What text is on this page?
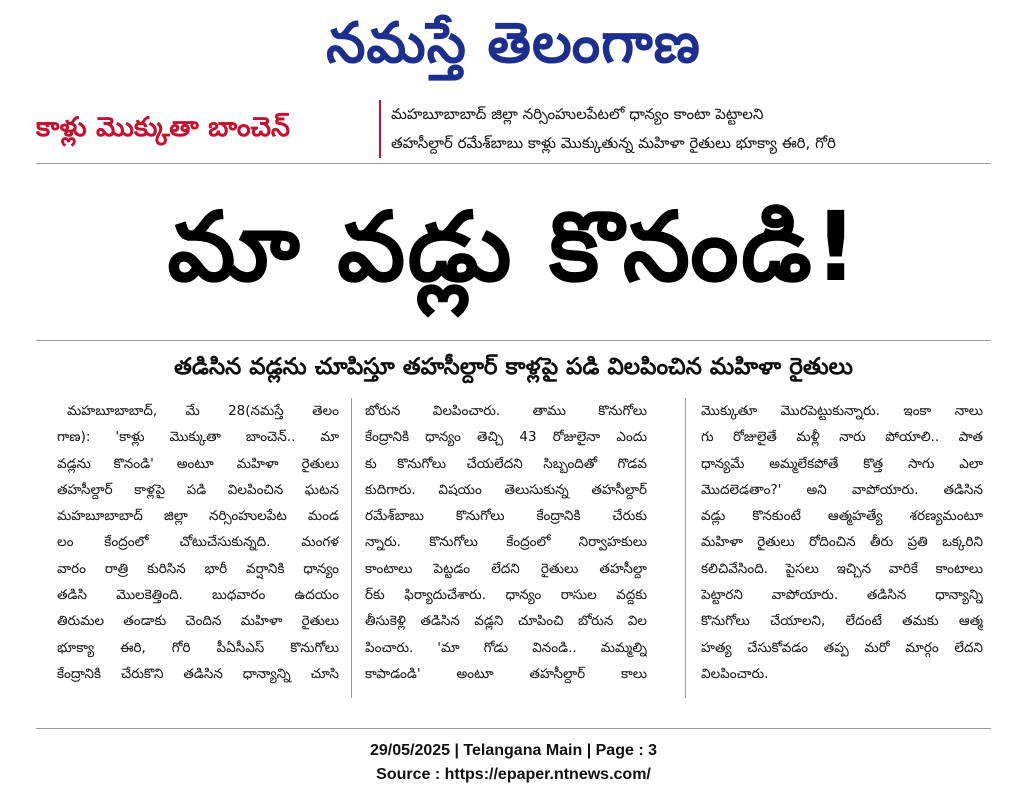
నమస్తే తెలంగాణ
కాళ్లు మొక్కుతా బాంచెన్	మహబూబాబాద్ జిల్లా నర్సింహులపేటలో ధాన్యం కాంటా పెట్టాలని
తహసీల్దార్ రమేశ్‌బాబు కాళ్లు మొక్కుతున్న మహిళా రైతులు భూక్యా ఈరి, గోరి
మా వడ్లు కొనండి!
తడిసిన వడ్లను చూపిస్తూ తహసీల్దార్ కాళ్లపై పడి విలపించిన మహిళా రైతులు
మహబూబాబాద్, మే 28(నమస్తే తెలం
గాణ): 'కాళ్లు మొక్కుతా బాంచెన్.. మా
వడ్లను కొనండి' అంటూ మహిళా రైతులు
తహసీల్దార్ కాళ్లపై పడి విలపించిన ఘటన
మహబూబాబాద్ జిల్లా నర్సింహులపేట మండ
లం కేంద్రంలో చోటుచేసుకున్నది. మంగళ
వారం రాత్రి కురిసిన భారీ వర్షానికి ధాన్యం
తడిసి మొలకెత్తింది. బుధవారం ఉదయం
తిరుమల తండాకు చెందిన మహిళా రైతులు
భూక్యా ఈరి, గోరి పీఏసీఎస్ కొనుగోలు
కేంద్రానికి చేరుకొని తడిసిన ధాన్యాన్ని చూసి
బోరున విలపించారు. తాము కొనుగోలు
కేంద్రానికి ధాన్యం తెచ్చి 43 రోజులైనా ఎందు
కు కొనుగోలు చేయలేదని సిబ్బందితో గొడవ
కుదిగారు. విషయం తెలుసుకున్న తహసీల్దార్
రమేశ్‌బాబు కొనుగోలు కేంద్రానికి చేరుకు
న్నారు. కొనుగోలు కేంద్రంలో నిర్వాహకులు
కాంటాలు పెట్టడం లేదని రైతులు తహసీల్దా
ర్‌కు ఫిర్యాదుచేశారు. ధాన్యం రాసుల వద్దకు
తీసుకెళ్లి తడిసిన వడ్లని చూపించి బోరున విల
పించారు. 'మా గోడు వినండి.. మమ్మల్ని
కాపాడండి' అంటూ తహసీల్దార్ కాలు
మొక్కుతూ మొరపెట్టుకున్నారు. ఇంకా నాలు
గు రోజులైతే మళ్లీ నారు పోయాలి.. పాత
ధాన్యమే అమ్మలేకపోతే కొత్త సాగు ఎలా
మొదలెడతాం?' అని వాపోయారు. తడిసిన
వడ్లు కొనకుంటే ఆత్మహత్యే శరణ్యమంటూ
మహిళా రైతులు రోదించిన తీరు ప్రతి ఒక్కరిని
కలిచివేసింది. పైసలు ఇచ్చిన వారికే కాంటాలు
పెట్టారని వాపోయారు. తడిసిన ధాన్యాన్ని
కొనుగోలు చేయాలని, లేదంటే తమకు ఆత్మ
హత్య చేసుకోవడం తప్ప మరో మార్గం లేదని
విలపించారు.
29/05/2025 | Telangana Main | Page : 3
Source : https://epaper.ntnews.com/
